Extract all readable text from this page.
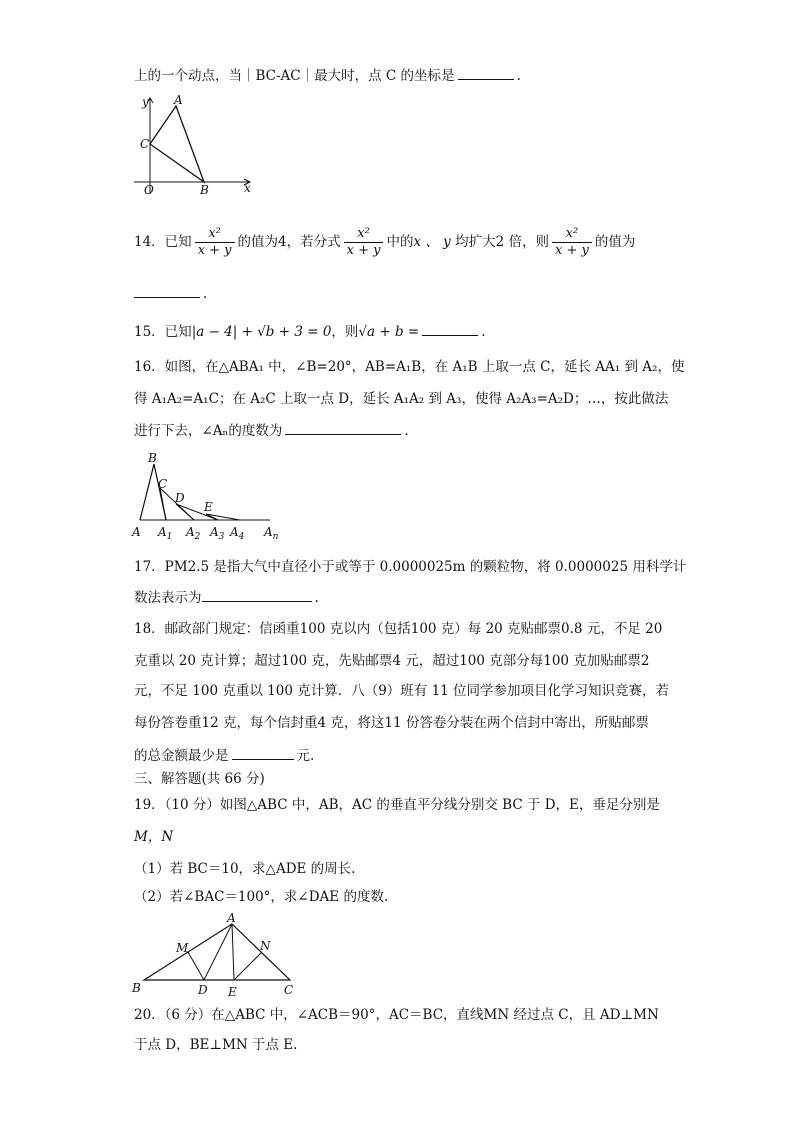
上的一个动点，当｜BC-AC｜最大时，点 C 的坐标是	.
y A
C
O	B	x
14．已知 $\frac{\text{x²}}{x + y}$ 的值为4，若分式 $\frac{\text{x²}}{x + y}$ 中的x 、 y 均扩大2 倍，则 $\frac{\text{x²}}{x + y}$ 的值为
.
15．已知|a − 4| + √b + 3 = 0，则√a + b =	.
16．如图，在△ABA₁ 中，∠B=20°，AB=A₁B，在 A₁B 上取一点 C，延长 AA₁ 到 A₂，使
得 A₁A₂=A₁C；在 A₂C 上取一点 D，延长 A₁A₂ 到 A₃，使得 A₂A₃=A₂D；…，按此做法
进行下去，∠Aₙ的度数为	.
B
C
D
E
A $A_1$ $A_2$ $A_3$ $A_4$ $A_n$
17．PM2.5 是指大气中直径小于或等于 0.0000025m 的颗粒物，将 0.0000025 用科学计
数法表示为	.
18．邮政部门规定：信函重100 克以内（包括100 克）每 20 克贴邮票0.8 元，不足 20
克重以 20 克计算；超过100 克，先贴邮票4 元，超过100 克部分每100 克加贴邮票2
元，不足 100 克重以 100 克计算．八（9）班有 11 位同学参加项目化学习知识竞赛，若
每份答卷重12 克，每个信封重4 克，将这11 份答卷分装在两个信封中寄出，所贴邮票
的总金额最少是	元.
三、解答题(共 66 分)
19．（10 分）如图△ABC 中，AB，AC 的垂直平分线分别交 BC 于 D，E，垂足分别是
M，N
（1）若 BC＝10，求△ADE 的周长.
（2）若∠BAC＝100°，求∠DAE 的度数.
A
M	N
B	D E	C
20．（6 分）在△ABC 中，∠ACB＝90°，AC＝BC，直线MN 经过点 C，且 AD⊥MN
于点 D，BE⊥MN 于点 E.
